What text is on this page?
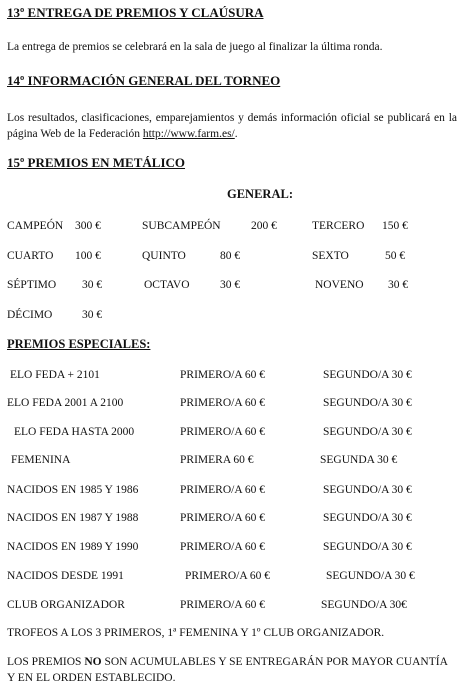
13º ENTREGA DE PREMIOS Y CLAÚSURA
La entrega de premios se celebrará en la sala de juego al finalizar la última ronda.
14º INFORMACIÓN GENERAL DEL TORNEO
Los resultados, clasificaciones, emparejamientos y demás información oficial se publicará en la página Web de la Federación http://www.farm.es/.
15º PREMIOS EN METÁLICO
GENERAL:
CAMPEÓN 300 €	SUBCAMPEÓN	200 €	TERCERO 150 €
CUARTO 100 €	QUINTO	80 €	SEXTO	50 €
SÉPTIMO 30 €	OCTAVO	30 €	NOVENO 30 €
DÉCIMO	30 €
PREMIOS ESPECIALES:
ELO FEDA + 2101	PRIMERO/A 60 €	SEGUNDO/A 30 €
ELO FEDA 2001 A 2100	PRIMERO/A 60 €	SEGUNDO/A 30 €
ELO FEDA HASTA 2000	PRIMERO/A 60 €	SEGUNDO/A 30 €
FEMENINA	PRIMERA 60 €	SEGUNDA 30 €
NACIDOS EN 1985 Y 1986	PRIMERO/A 60 €	SEGUNDO/A 30 €
NACIDOS EN 1987 Y 1988	PRIMERO/A 60 €	SEGUNDO/A 30 €
NACIDOS EN 1989 Y 1990	PRIMERO/A 60 €	SEGUNDO/A 30 €
NACIDOS DESDE 1991	PRIMERO/A 60 €	SEGUNDO/A 30 €
CLUB ORGANIZADOR	PRIMERO/A 60 €	SEGUNDO/A 30€
TROFEOS A LOS 3 PRIMEROS, 1ª FEMENINA Y 1º CLUB ORGANIZADOR.
LOS PREMIOS NO SON ACUMULABLES Y SE ENTREGARÁN POR MAYOR CUANTÍA Y EN EL ORDEN ESTABLECIDO.
